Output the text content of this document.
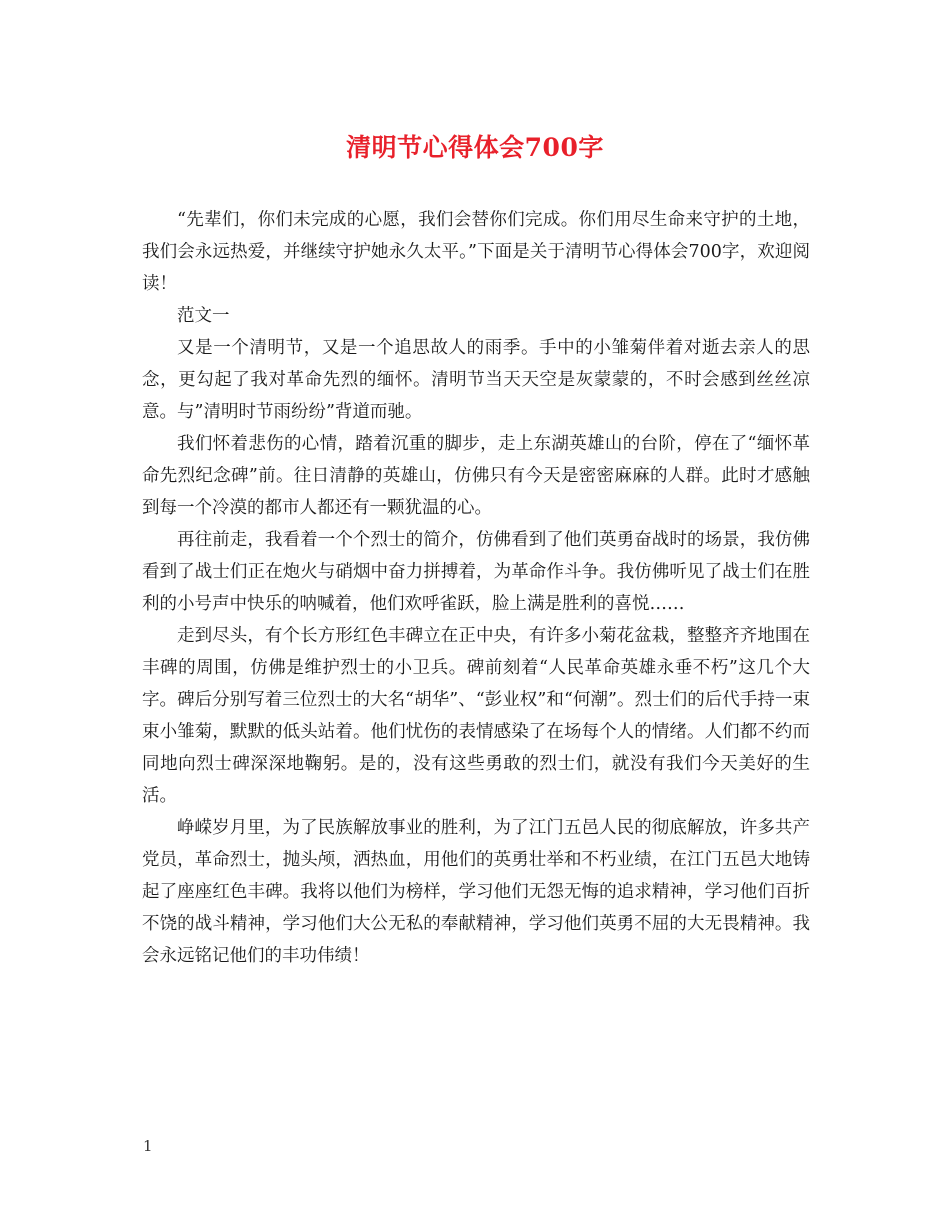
清明节心得体会700字

“先辈们，你们未完成的心愿，我们会替你们完成。你们用尽生命来守护的土地，我们会永远热爱，并继续守护她永久太平。”下面是关于清明节心得体会700字，欢迎阅读！

范文一

又是一个清明节，又是一个追思故人的雨季。手中的小雏菊伴着对逝去亲人的思念，更勾起了我对革命先烈的缅怀。清明节当天天空是灰蒙蒙的，不时会感到丝丝凉意。与”清明时节雨纷纷”背道而驰。

我们怀着悲伤的心情，踏着沉重的脚步，走上东湖英雄山的台阶，停在了“缅怀革命先烈纪念碑”前。往日清静的英雄山，仿佛只有今天是密密麻麻的人群。此时才感触到每一个冷漠的都市人都还有一颗犹温的心。

再往前走，我看着一个个烈士的简介，仿佛看到了他们英勇奋战时的场景，我仿佛看到了战士们正在炮火与硝烟中奋力拼搏着，为革命作斗争。我仿佛听见了战士们在胜利的小号声中快乐的呐喊着，他们欢呼雀跃，脸上满是胜利的喜悦……

走到尽头，有个长方形红色丰碑立在正中央，有许多小菊花盆栽，整整齐齐地围在丰碑的周围，仿佛是维护烈士的小卫兵。碑前刻着“人民革命英雄永垂不朽”这几个大字。碑后分别写着三位烈士的大名“胡华”、“彭业权”和“何潮”。烈士们的后代手持一束束小雏菊，默默的低头站着。他们忧伤的表情感染了在场每个人的情绪。人们都不约而同地向烈士碑深深地鞠躬。是的，没有这些勇敢的烈士们，就没有我们今天美好的生活。

峥嵘岁月里，为了民族解放事业的胜利，为了江门五邑人民的彻底解放，许多共产党员，革命烈士，抛头颅，洒热血，用他们的英勇壮举和不朽业绩，在江门五邑大地铸起了座座红色丰碑。我将以他们为榜样，学习他们无怨无悔的追求精神，学习他们百折不饶的战斗精神，学习他们大公无私的奉献精神，学习他们英勇不屈的大无畏精神。我会永远铭记他们的丰功伟绩！

1
